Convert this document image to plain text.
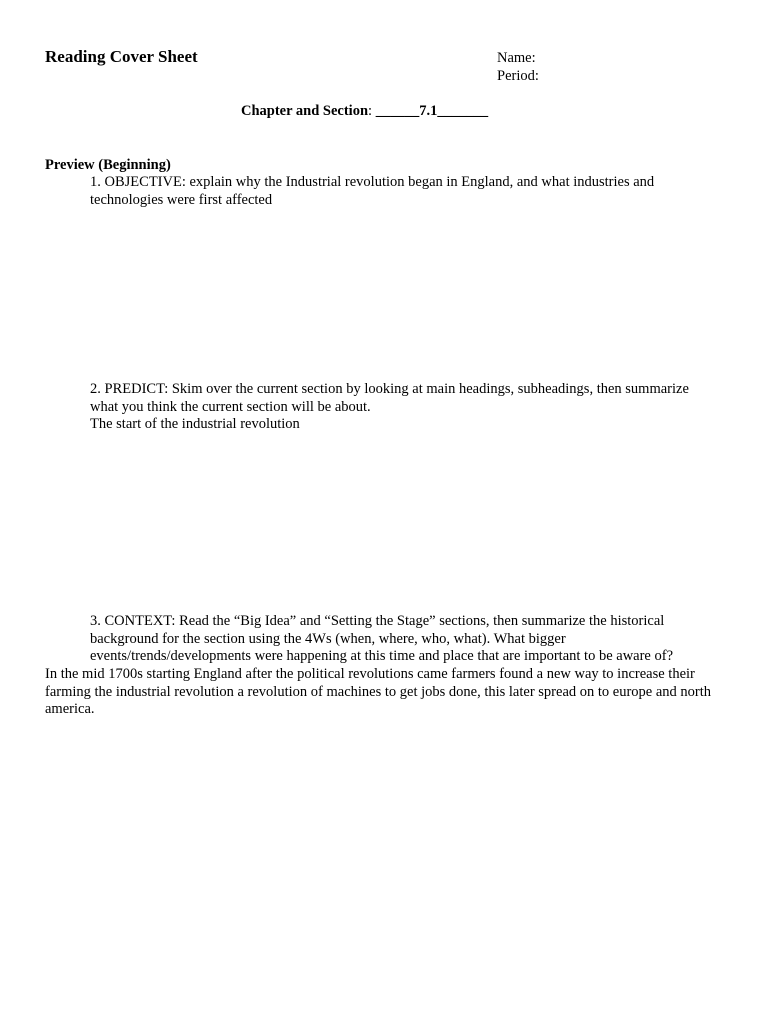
Reading Cover Sheet	Name:
Period:
Chapter and Section: ______7.1_______
Preview (Beginning)
1. OBJECTIVE: explain why the Industrial revolution began in England, and what industries and
technologies were first affected
2. PREDICT: Skim over the current section by looking at main headings, subheadings, then summarize
what you think the current section will be about.
The start of the industrial revolution
3. CONTEXT: Read the “Big Idea” and “Setting the Stage” sections, then summarize the historical
background for the section using the 4Ws (when, where, who, what). What bigger events/trends/developments were happening at this time and place that are important to be aware of?
In the mid 1700s starting England after the political revolutions came farmers found a new way to increase their farming the industrial revolution a revolution of machines to get jobs done, this later spread on to europe and north america.
